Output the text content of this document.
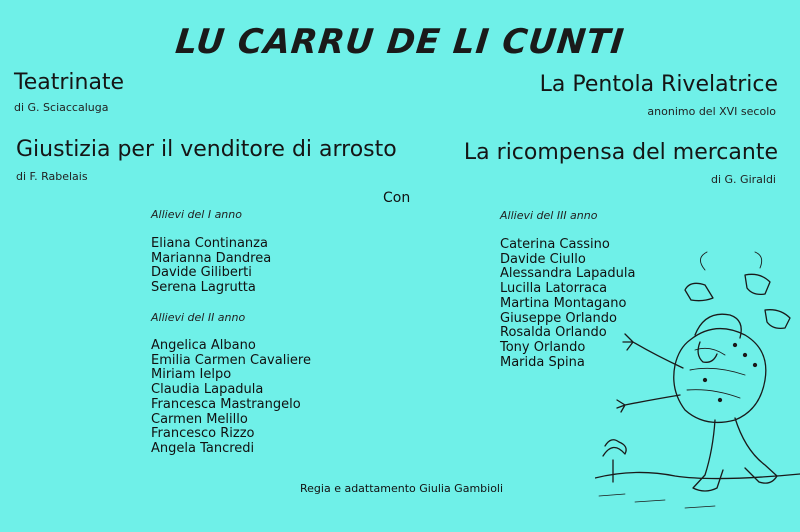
LU CARRU DE LI CUNTI
Teatrinate
di G. Sciaccaluga
La Pentola Rivelatrice
anonimo del XVI secolo
Giustizia per il venditore di arrosto
di F. Rabelais
La ricompensa del mercante
di G. Giraldi
Con
Allievi del I anno
Eliana Continanza
Marianna Dandrea
Davide Giliberti
Serena Lagrutta
Allievi del II anno
Angelica Albano
Emilia Carmen Cavaliere
Miriam Ielpo
Claudia Lapadula
Francesca Mastrangelo
Carmen Melillo
Francesco Rizzo
Angela Tancredi
Allievi del III anno
Caterina Cassino
Davide Ciullo
Alessandra Lapadula
Lucilla Latorraca
Martina Montagano
Giuseppe Orlando
Rosalda Orlando
Tony Orlando
Marida Spina
Regia e adattamento Giulia Gambioli
